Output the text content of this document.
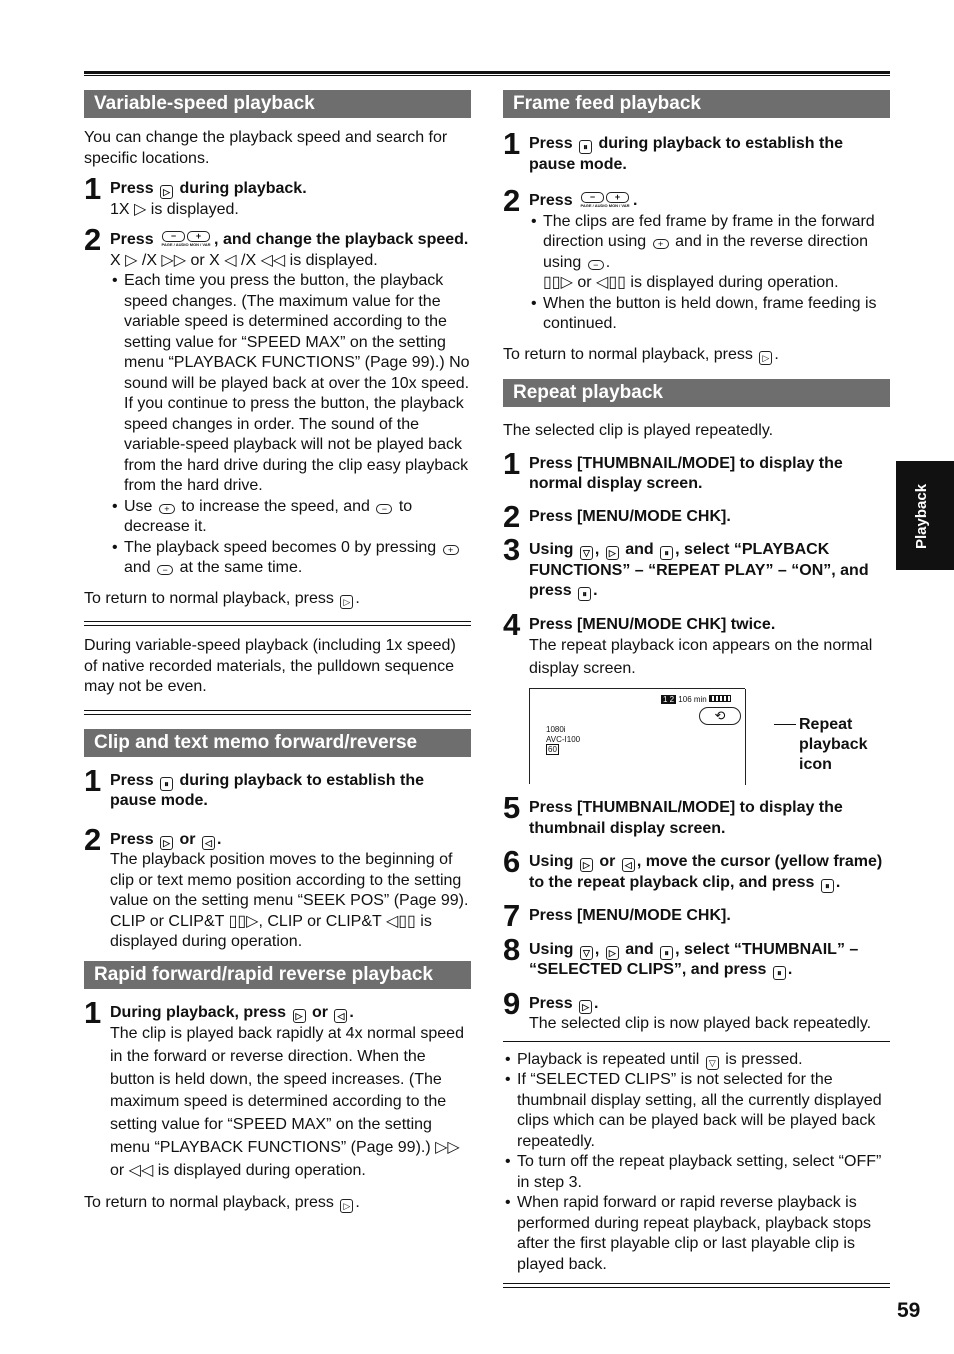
Variable-speed playback

You can change the playback speed and search for specific locations.

1 Press ▷ during playback.
1X ▷ is displayed.
2 Press	−	+
PAGE / AUDIO MON / VAR , and change the playback speed.
X ▷ /X ▷▷ or X ◁ /X ◁◁ is displayed.
• Each time you press the button, the playback speed changes. (The maximum value for the variable speed is determined according to the setting value for “SPEED MAX” on the setting menu “PLAYBACK FUNCTIONS” (Page 99).) No sound will be played back at over the 10x speed. If you continue to press the button, the playback speed changes in order. The sound of the variable-speed playback will not be played back from the hard drive during the clip easy playback from the hard drive.
• Use + to increase the speed, and − to decrease it.
• The playback speed becomes 0 by pressing + and − at the same time.

To return to normal playback, press ▷ .

During variable-speed playback (including 1x speed) of native recorded materials, the pulldown sequence may not be even.

Clip and text memo forward/reverse
1 Press ⏸ during playback to establish the pause mode.
2 Press ▷ or ◁ .
The playback position moves to the beginning of clip or text memo position according to the setting value on the setting menu “SEEK POS” (Page 99). CLIP or CLIP&T ▯▯▷, CLIP or CLIP&T ◁▯▯ is displayed during operation.
Rapid forward/rapid reverse playback
1 During playback, press ▷ or ◁ .
The clip is played back rapidly at 4x normal speed in the forward or reverse direction. When the button is held down, the speed increases. (The maximum speed is determined according to the setting value for “SPEED MAX” on the setting menu “PLAYBACK FUNCTIONS” (Page 99).) ▷▷ or ◁◁ is displayed during operation.

To return to normal playback, press ▷ .

Frame feed playback
1 Press ⏸ during playback to establish the pause mode.
2 Press	−	+
PAGE / AUDIO MON / VAR .
• The clips are fed frame by frame in the forward direction using + and in the reverse direction using − .
▯▯▷ or ◁▯▯ is displayed during operation.
• When the button is held down, frame feeding is continued.

To return to normal playback, press ▷ .

Repeat playback

The selected clip is played repeatedly.

1 Press [THUMBNAIL/MODE] to display the normal display screen.
2 Press [MENU/MODE CHK].
3 Using ▽ , ▷ and ⏸ , select “PLAYBACK FUNCTIONS” – “REPEAT PLAY” – “ON”, and press ⏸ .
4 Press [MENU/MODE CHK] twice.
The repeat playback icon appears on the normal display screen.
1 2 106 min
⟲
1080i
AVC-I100
60
Repeat
playback icon
5 Press [THUMBNAIL/MODE] to display the thumbnail display screen.
6 Using ▷ or ◁ , move the cursor (yellow frame) to the repeat playback clip, and press ⏸ .
7 Press [MENU/MODE CHK].
8 Using ▽ , ▷ and ⏸ , select “THUMBNAIL” – “SELECTED CLIPS”, and press ⏸ .
9 Press ▷ .
The selected clip is now played back repeatedly.
• Playback is repeated until ▽ is pressed.
• If “SELECTED CLIPS” is not selected for the thumbnail display setting, all the currently displayed clips which can be played back will be played back repeatedly.
• To turn off the repeat playback setting, select “OFF” in step 3.
• When rapid forward or rapid reverse playback is performed during repeat playback, playback stops after the first playable clip or last playable clip is played back.
Playback
59
